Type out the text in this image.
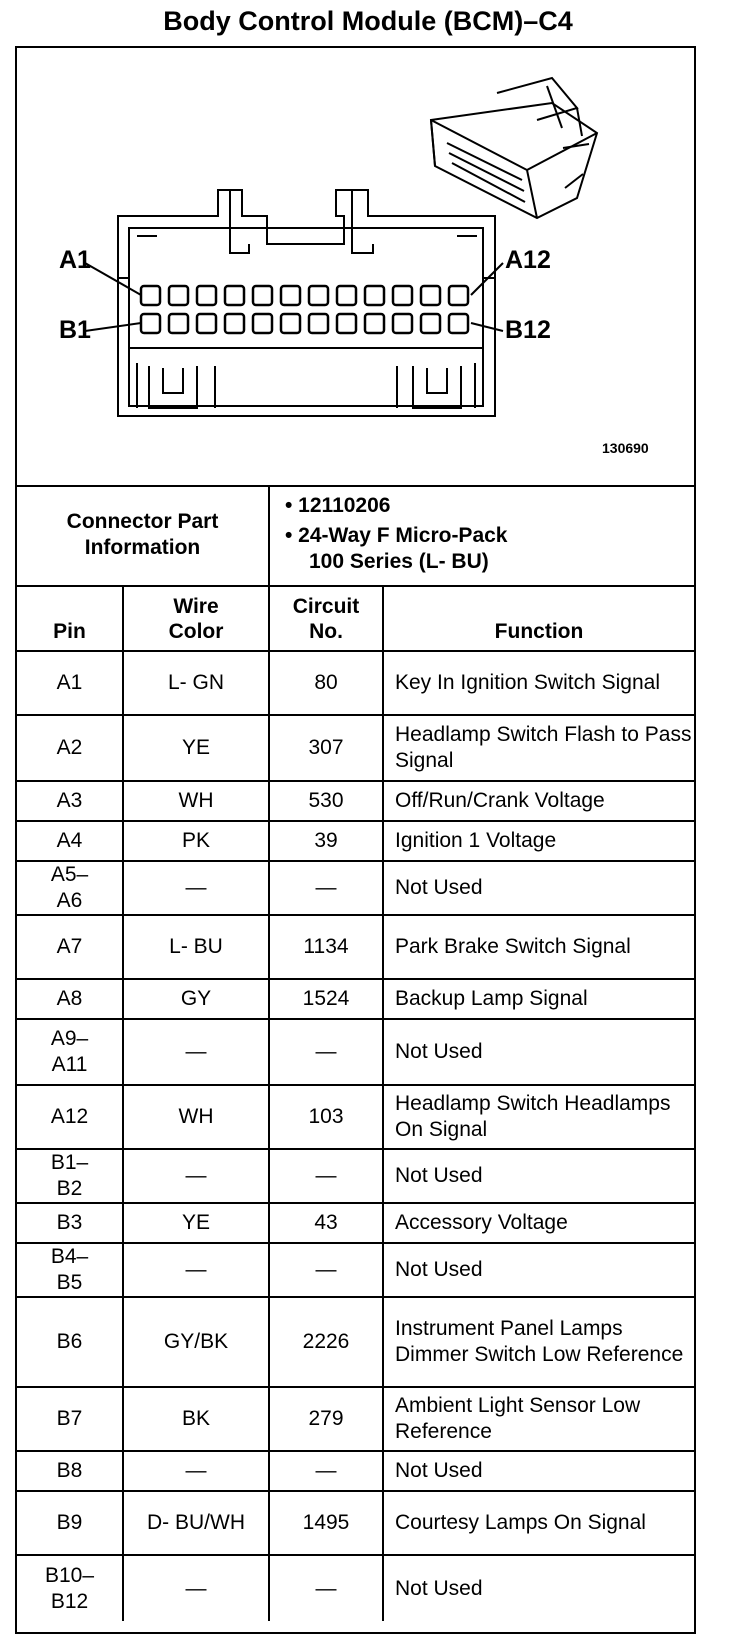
Body Control Module (BCM)–C4
A1	A12
B1	B12
130690
Connector Part Information
• 12110206
• 24-Way F Micro-Pack
100 Series (L- BU)
Pin	Wire Color	Circuit No.	Function
A1	L- GN	80	Key In Ignition Switch Signal
A2	YE	307	Headlamp Switch Flash to Pass Signal
A3	WH	530	Off/Run/Crank Voltage
A4	PK	39	Ignition 1 Voltage
A5–A6	—	—	Not Used
A7	L- BU	1134	Park Brake Switch Signal
A8	GY	1524	Backup Lamp Signal
A9– A11	—	—	Not Used
A12	WH	103	Headlamp Switch Headlamps On Signal
B1–B2	—	—	Not Used
B3	YE	43	Accessory Voltage
B4–B5	—	—	Not Used
B6	GY/BK	2226	Instrument Panel Lamps Dimmer Switch Low Reference
B7	BK	279	Ambient Light Sensor Low Reference
B8	—	—	Not Used
B9	D- BU/WH	1495	Courtesy Lamps On Signal
B10– B12	—	—	Not Used
